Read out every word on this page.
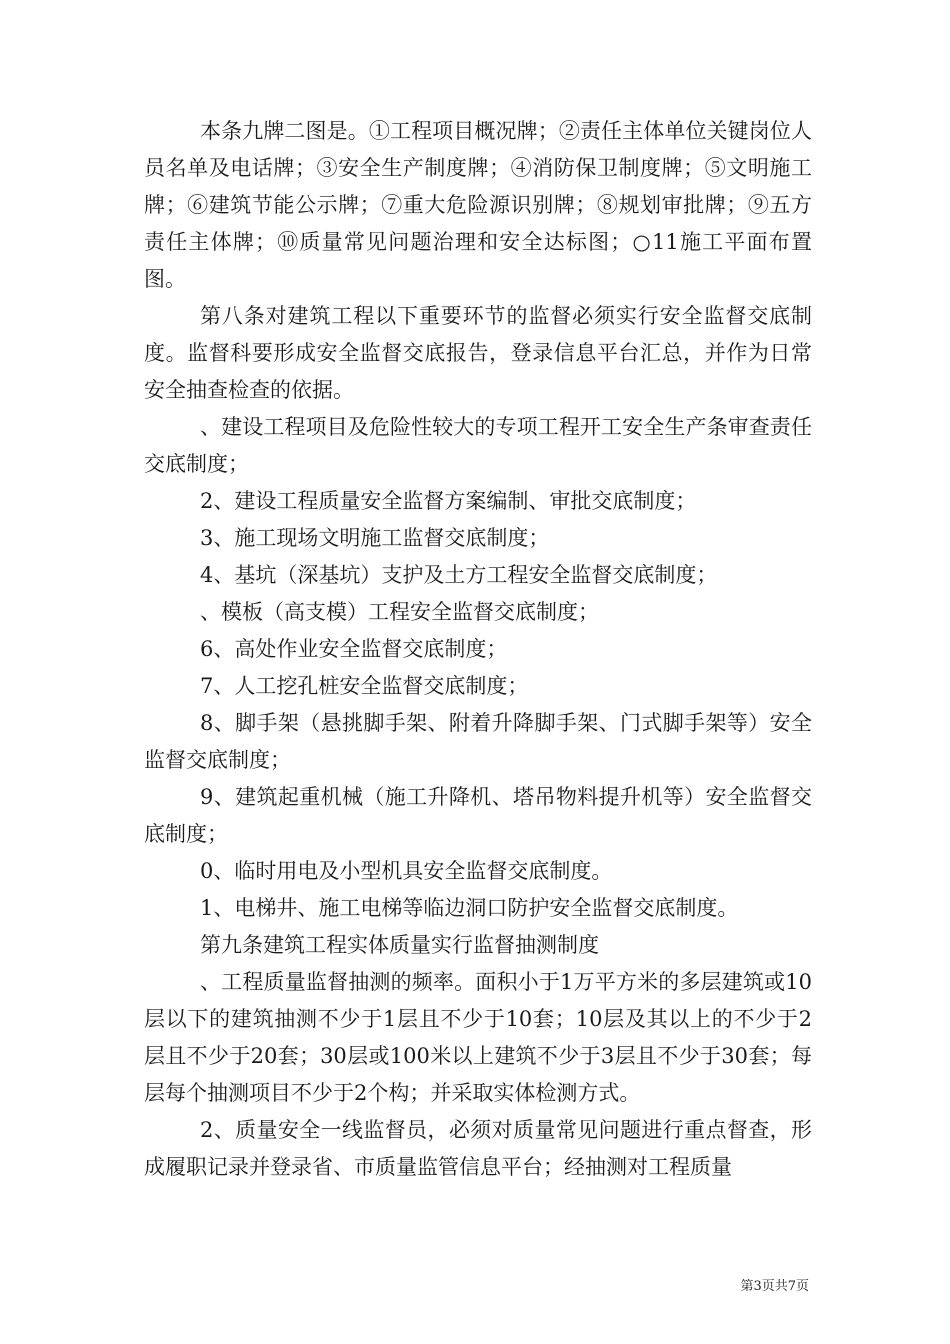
本条九牌二图是。①工程项目概况牌；②责任主体单位关键岗位人员名单及电话牌；③安全生产制度牌；④消防保卫制度牌；⑤文明施工牌；⑥建筑节能公示牌；⑦重大危险源识别牌；⑧规划审批牌；⑨五方责任主体牌；⑩质量常见问题治理和安全达标图；○11施工平面布置图。

第八条对建筑工程以下重要环节的监督必须实行安全监督交底制度。监督科要形成安全监督交底报告，登录信息平台汇总，并作为日常安全抽查检查的依据。

、建设工程项目及危险性较大的专项工程开工安全生产条审查责任交底制度；

2、建设工程质量安全监督方案编制、审批交底制度；

3、施工现场文明施工监督交底制度；

4、基坑（深基坑）支护及土方工程安全监督交底制度；

、模板（高支模）工程安全监督交底制度；

6、高处作业安全监督交底制度；

7、人工挖孔桩安全监督交底制度；

8、脚手架（悬挑脚手架、附着升降脚手架、门式脚手架等）安全监督交底制度；

9、建筑起重机械（施工升降机、塔吊物料提升机等）安全监督交底制度；

0、临时用电及小型机具安全监督交底制度。

1、电梯井、施工电梯等临边洞口防护安全监督交底制度。

第九条建筑工程实体质量实行监督抽测制度

、工程质量监督抽测的频率。面积小于1万平方米的多层建筑或10层以下的建筑抽测不少于1层且不少于10套；10层及其以上的不少于2层且不少于20套；30层或100米以上建筑不少于3层且不少于30套；每层每个抽测项目不少于2个构；并采取实体检测方式。

2、质量安全一线监督员，必须对质量常见问题进行重点督查，形成履职记录并登录省、市质量监管信息平台；经抽测对工程质量

第3页共7页
